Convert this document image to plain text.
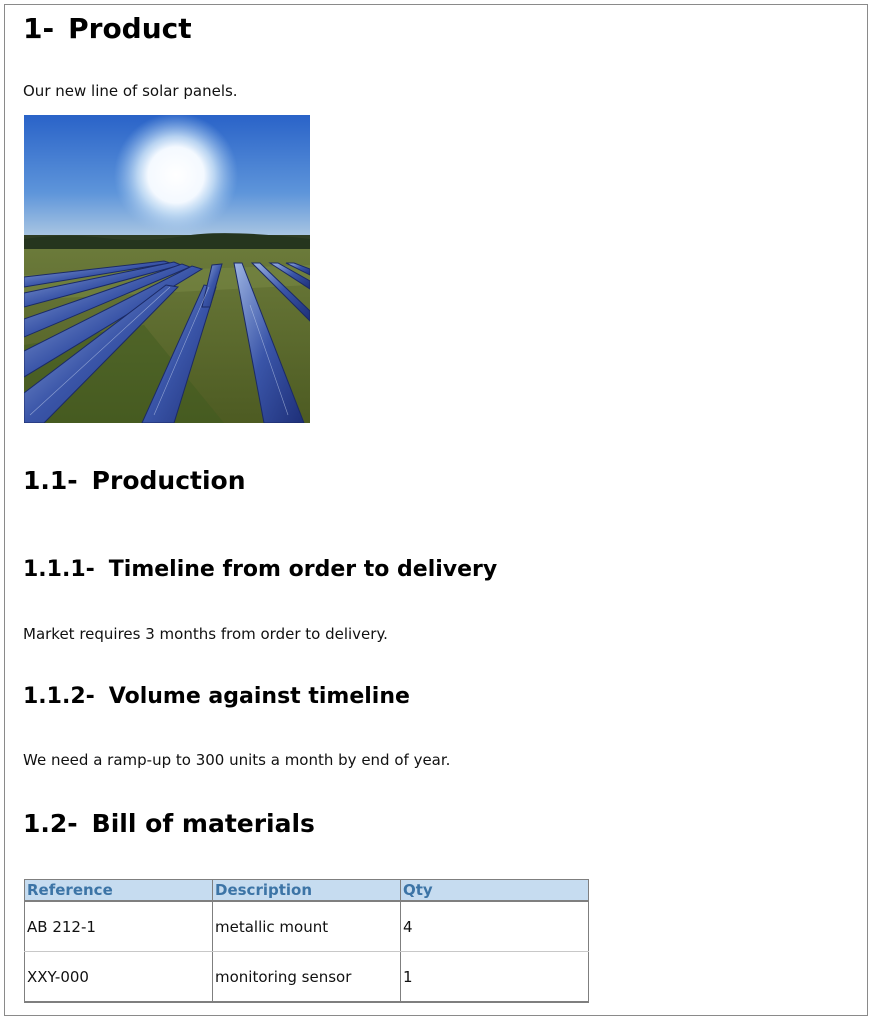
1- Product

Our new line of solar panels.

1.1- Production
1.1.1- Timeline from order to delivery

Market requires 3 months from order to delivery.

1.1.2- Volume against timeline

We need a ramp-up to 300 units a month by end of year.

1.2- Bill of materials
Reference	Description	Qty
AB 212-1	metallic mount	4
XXY-000	monitoring sensor	1
